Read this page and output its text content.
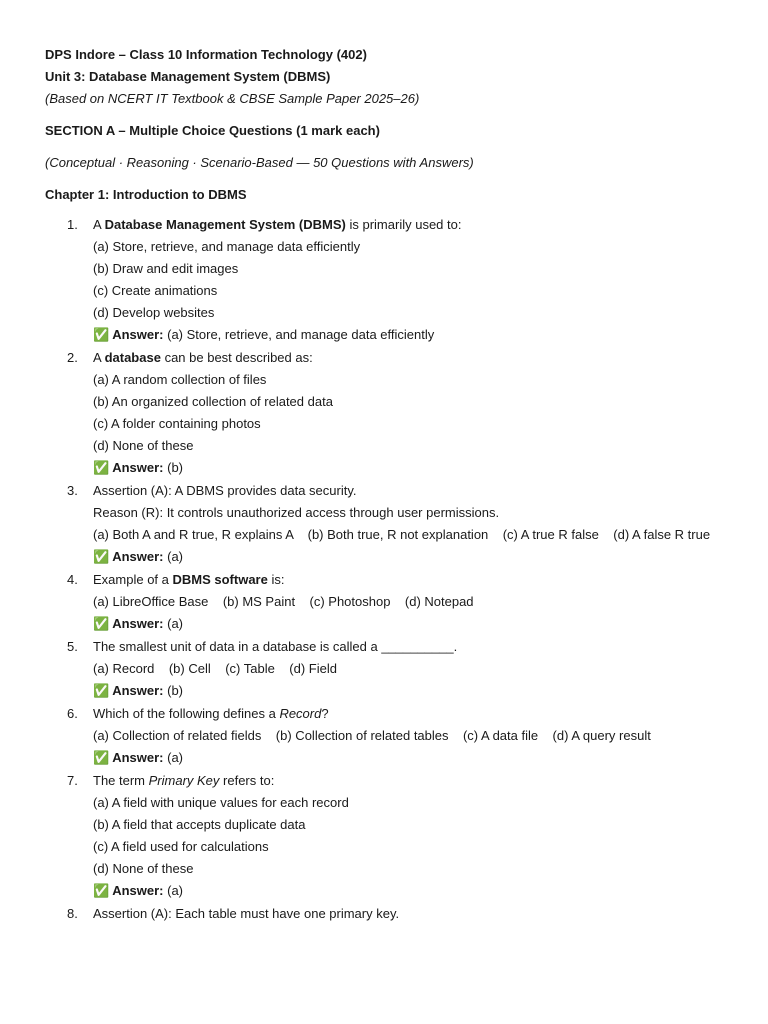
DPS Indore – Class 10 Information Technology (402)
Unit 3: Database Management System (DBMS)
(Based on NCERT IT Textbook & CBSE Sample Paper 2025–26)
SECTION A – Multiple Choice Questions (1 mark each)
(Conceptual · Reasoning · Scenario-Based — 50 Questions with Answers)
Chapter 1: Introduction to DBMS
1. A Database Management System (DBMS) is primarily used to:
(a) Store, retrieve, and manage data efficiently
(b) Draw and edit images
(c) Create animations
(d) Develop websites
✅ Answer: (a) Store, retrieve, and manage data efficiently
2. A database can be best described as:
(a) A random collection of files
(b) An organized collection of related data
(c) A folder containing photos
(d) None of these
✅ Answer: (b)
3. Assertion (A): A DBMS provides data security.
Reason (R): It controls unauthorized access through user permissions.
(a) Both A and R true, R explains A    (b) Both true, R not explanation    (c) A true R false    (d) A false R true
✅ Answer: (a)
4. Example of a DBMS software is:
(a) LibreOffice Base    (b) MS Paint    (c) Photoshop    (d) Notepad
✅ Answer: (a)
5. The smallest unit of data in a database is called a __________.
(a) Record    (b) Cell    (c) Table    (d) Field
✅ Answer: (b)
6. Which of the following defines a Record?
(a) Collection of related fields    (b) Collection of related tables    (c) A data file    (d) A query result
✅ Answer: (a)
7. The term Primary Key refers to:
(a) A field with unique values for each record
(b) A field that accepts duplicate data
(c) A field used for calculations
(d) None of these
✅ Answer: (a)
8. Assertion (A): Each table must have one primary key.
